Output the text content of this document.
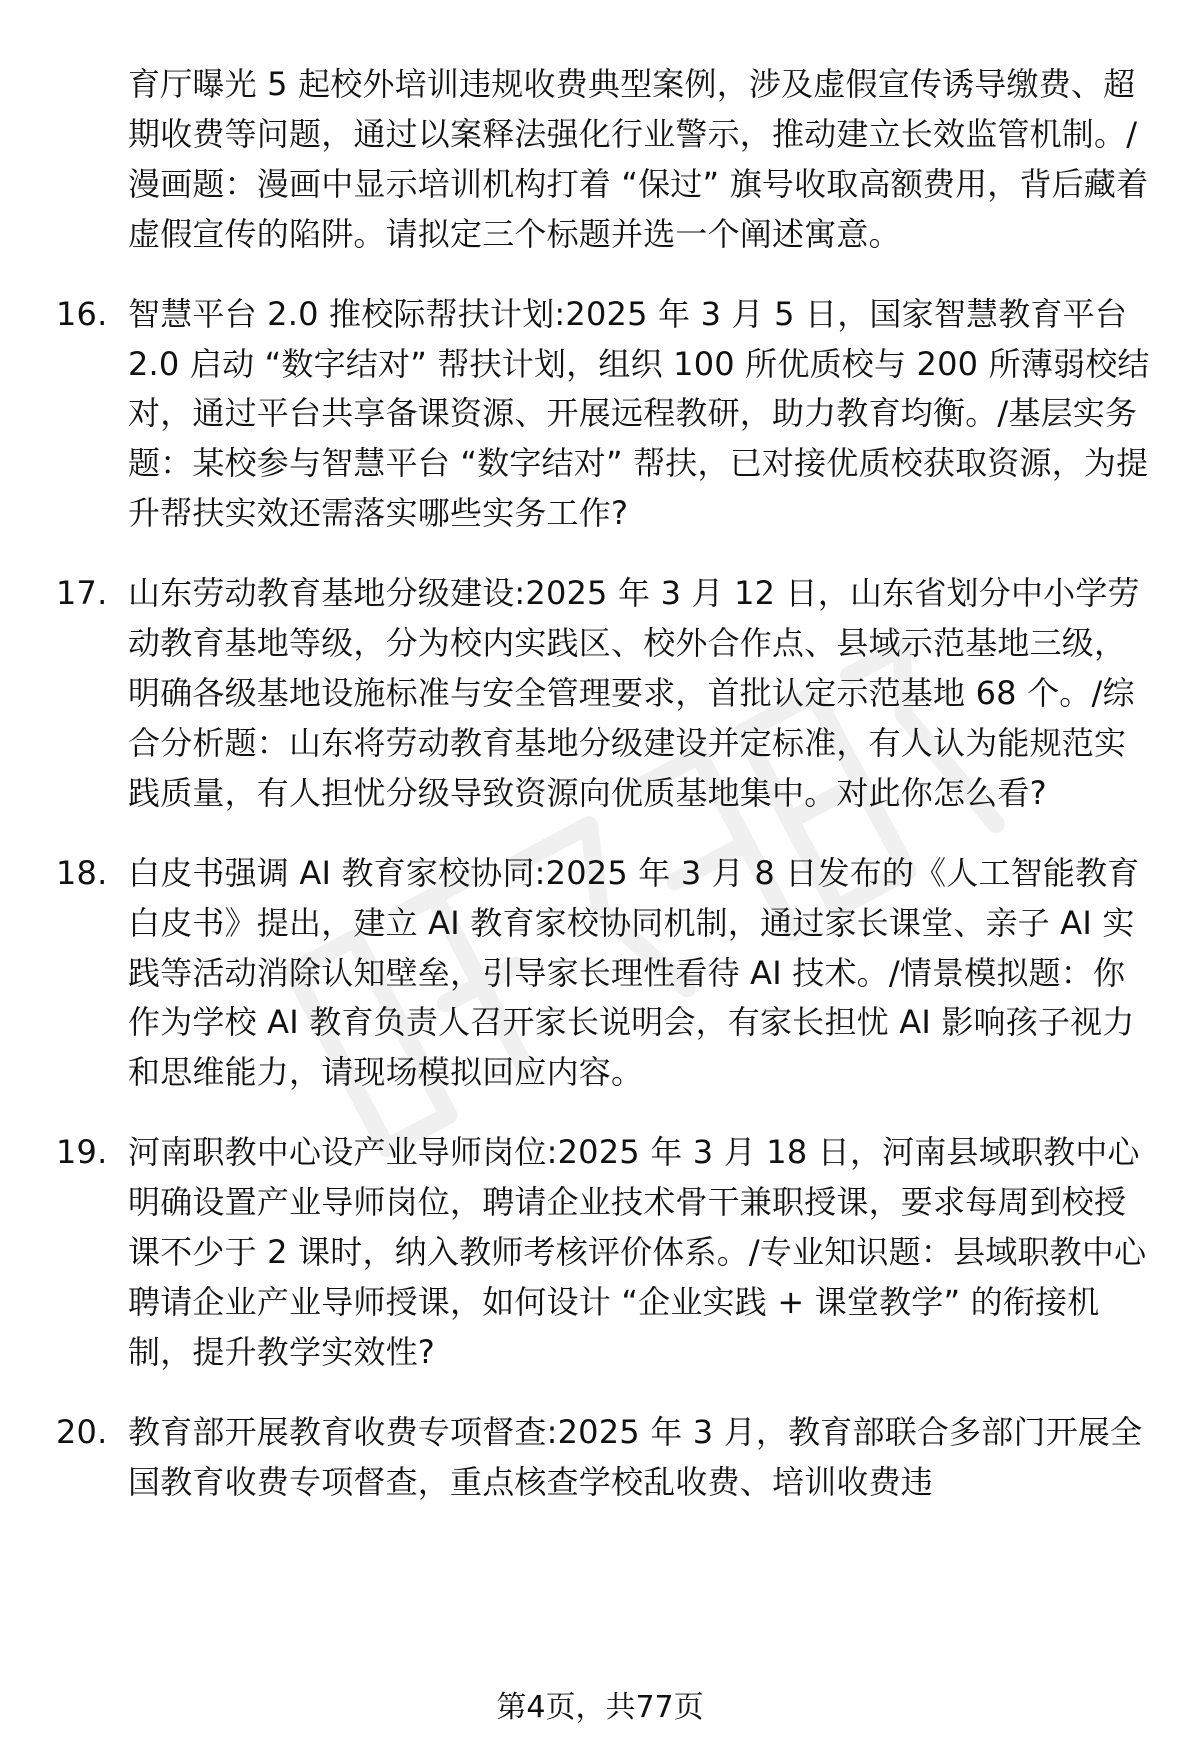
育厅曝光 5 起校外培训违规收费典型案例，涉及虚假宣传诱导缴费、超期收费等问题，通过以案释法强化行业警示，推动建立长效监管机制。/漫画题：漫画中显示培训机构打着 “保过” 旗号收取高额费用，背后藏着虚假宣传的陷阱。请拟定三个标题并选一个阐述寓意。

16. 智慧平台 2.0 推校际帮扶计划:2025 年 3 月 5 日，国家智慧教育平台 2.0 启动 “数字结对” 帮扶计划，组织 100 所优质校与 200 所薄弱校结对，通过平台共享备课资源、开展远程教研，助力教育均衡。/基层实务题：某校参与智慧平台 “数字结对” 帮扶，已对接优质校获取资源，为提升帮扶实效还需落实哪些实务工作?

17. 山东劳动教育基地分级建设:2025 年 3 月 12 日，山东省划分中小学劳动教育基地等级，分为校内实践区、校外合作点、县域示范基地三级，明确各级基地设施标准与安全管理要求，首批认定示范基地 68 个。/综合分析题：山东将劳动教育基地分级建设并定标准，有人认为能规范实践质量，有人担忧分级导致资源向优质基地集中。对此你怎么看?

18. 白皮书强调 AI 教育家校协同:2025 年 3 月 8 日发布的《人工智能教育白皮书》提出，建立 AI 教育家校协同机制，通过家长课堂、亲子 AI 实践等活动消除认知壁垒，引导家长理性看待 AI 技术。/情景模拟题：你作为学校 AI 教育负责人召开家长说明会，有家长担忧 AI 影响孩子视力和思维能力，请现场模拟回应内容。

19. 河南职教中心设产业导师岗位:2025 年 3 月 18 日，河南县域职教中心明确设置产业导师岗位，聘请企业技术骨干兼职授课，要求每周到校授课不少于 2 课时，纳入教师考核评价体系。/专业知识题：县域职教中心聘请企业产业导师授课，如何设计 “企业实践 + 课堂教学” 的衔接机制，提升教学实效性?

20. 教育部开展教育收费专项督查:2025 年 3 月，教育部联合多部门开展全国教育收费专项督查，重点核查学校乱收费、培训收费违

第4页，共77页
